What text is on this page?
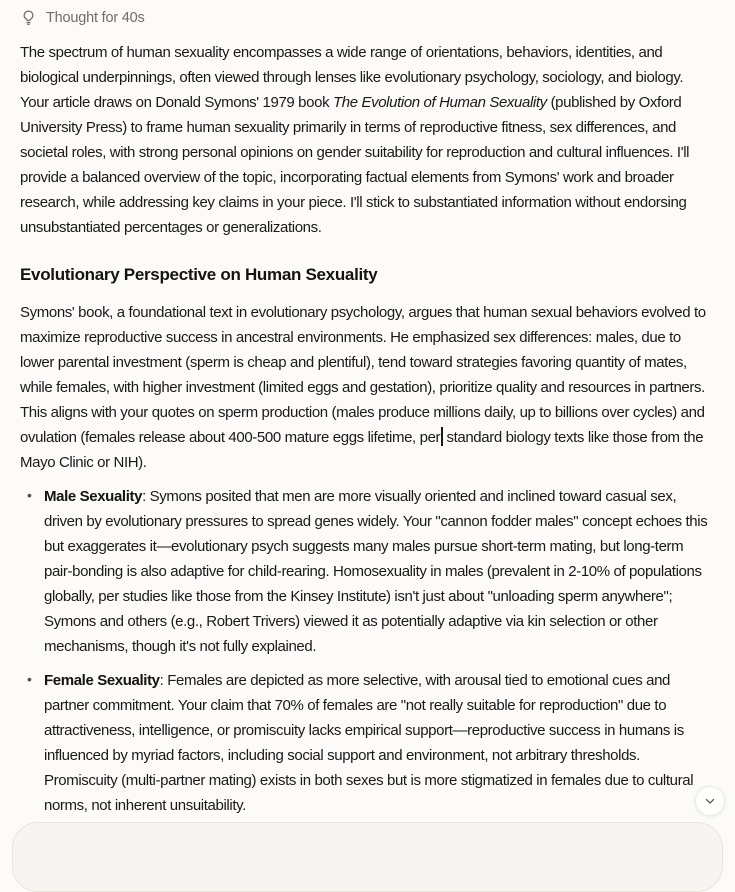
Thought for 40s

The spectrum of human sexuality encompasses a wide range of orientations, behaviors, identities, and biological underpinnings, often viewed through lenses like evolutionary psychology, sociology, and biology. Your article draws on Donald Symons' 1979 book The Evolution of Human Sexuality (published by Oxford University Press) to frame human sexuality primarily in terms of reproductive fitness, sex differences, and societal roles, with strong personal opinions on gender suitability for reproduction and cultural influences. I'll provide a balanced overview of the topic, incorporating factual elements from Symons' work and broader research, while addressing key claims in your piece. I'll stick to substantiated information without endorsing unsubstantiated percentages or generalizations.

Evolutionary Perspective on Human Sexuality

Symons' book, a foundational text in evolutionary psychology, argues that human sexual behaviors evolved to maximize reproductive success in ancestral environments. He emphasized sex differences: males, due to lower parental investment (sperm is cheap and plentiful), tend toward strategies favoring quantity of mates, while females, with higher investment (limited eggs and gestation), prioritize quality and resources in partners. This aligns with your quotes on sperm production (males produce millions daily, up to billions over cycles) and ovulation (females release about 400-500 mature eggs lifetime, per standard biology texts like those from the Mayo Clinic or NIH).

• Male Sexuality: Symons posited that men are more visually oriented and inclined toward casual sex, driven by evolutionary pressures to spread genes widely. Your "cannon fodder males" concept echoes this but exaggerates it—evolutionary psych suggests many males pursue short-term mating, but long-term pair-bonding is also adaptive for child-rearing. Homosexuality in males (prevalent in 2-10% of populations globally, per studies like those from the Kinsey Institute) isn't just about "unloading sperm anywhere"; Symons and others (e.g., Robert Trivers) viewed it as potentially adaptive via kin selection or other mechanisms, though it's not fully explained.
• Female Sexuality: Females are depicted as more selective, with arousal tied to emotional cues and partner commitment. Your claim that 70% of females are "not really suitable for reproduction" due to attractiveness, intelligence, or promiscuity lacks empirical support—reproductive success in humans is influenced by myriad factors, including social support and environment, not arbitrary thresholds. Promiscuity (multi-partner mating) exists in both sexes but is more stigmatized in females due to cultural norms, not inherent unsuitability.
